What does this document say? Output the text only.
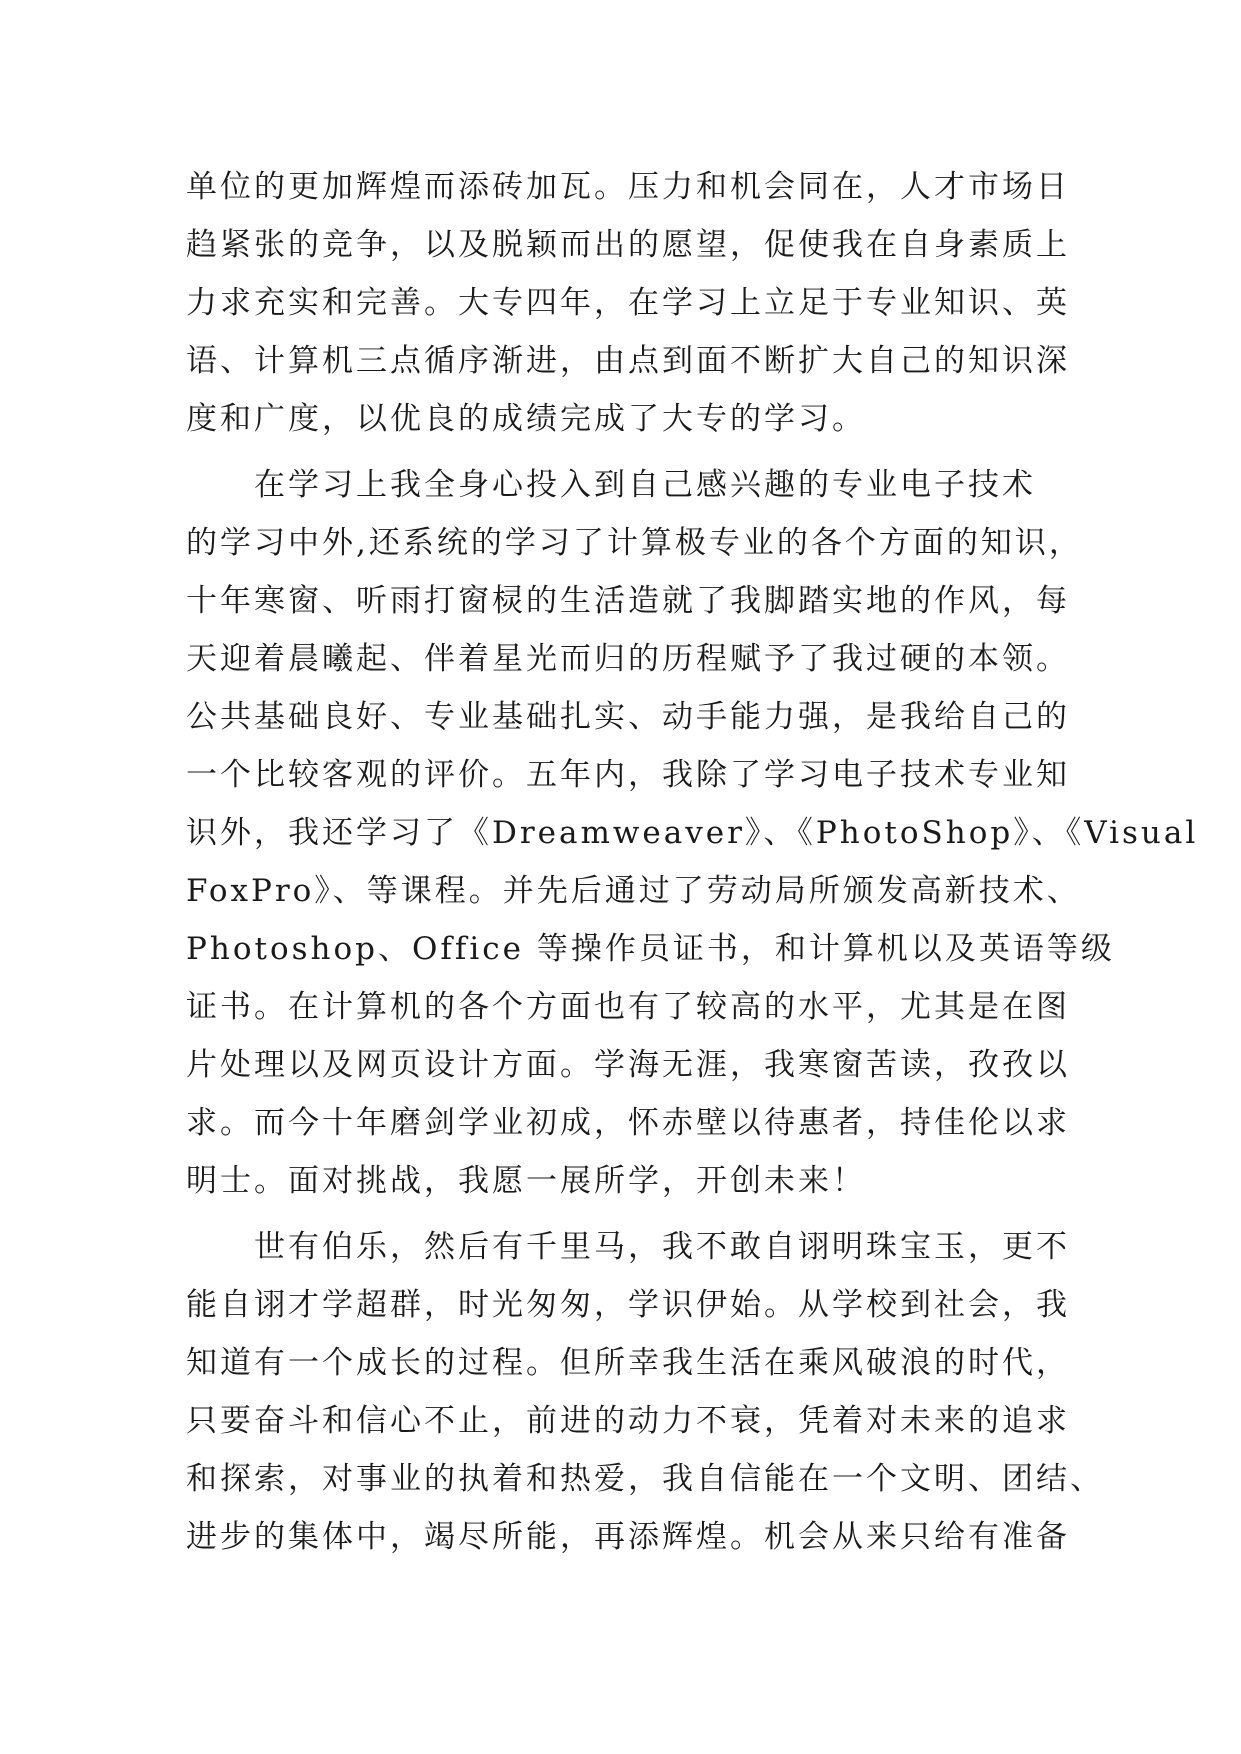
单位的更加辉煌而添砖加瓦。压力和机会同在，人才市场日
趋紧张的竞争，以及脱颖而出的愿望，促使我在自身素质上
力求充实和完善。大专四年，在学习上立足于专业知识、英
语、计算机三点循序渐进，由点到面不断扩大自己的知识深
度和广度，以优良的成绩完成了大专的学习。
　　在学习上我全身心投入到自己感兴趣的专业电子技术
的学习中外,还系统的学习了计算极专业的各个方面的知识，
十年寒窗、听雨打窗棂的生活造就了我脚踏实地的作风，每
天迎着晨曦起、伴着星光而归的历程赋予了我过硬的本领。
公共基础良好、专业基础扎实、动手能力强，是我给自己的
一个比较客观的评价。五年内，我除了学习电子技术专业知
识外，我还学习了《Dreamweaver》、《PhotoShop》、《Visual
FoxPro》、等课程。并先后通过了劳动局所颁发高新技术、
Photoshop、Office 等操作员证书，和计算机以及英语等级
证书。在计算机的各个方面也有了较高的水平，尤其是在图
片处理以及网页设计方面。学海无涯，我寒窗苦读，孜孜以
求。而今十年磨剑学业初成，怀赤壁以待惠者，持佳伦以求
明士。面对挑战，我愿一展所学，开创未来！
　　世有伯乐，然后有千里马，我不敢自诩明珠宝玉，更不
能自诩才学超群，时光匆匆，学识伊始。从学校到社会，我
知道有一个成长的过程。但所幸我生活在乘风破浪的时代，
只要奋斗和信心不止，前进的动力不衰，凭着对未来的追求
和探索，对事业的执着和热爱，我自信能在一个文明、团结、
进步的集体中，竭尽所能，再添辉煌。机会从来只给有准备
